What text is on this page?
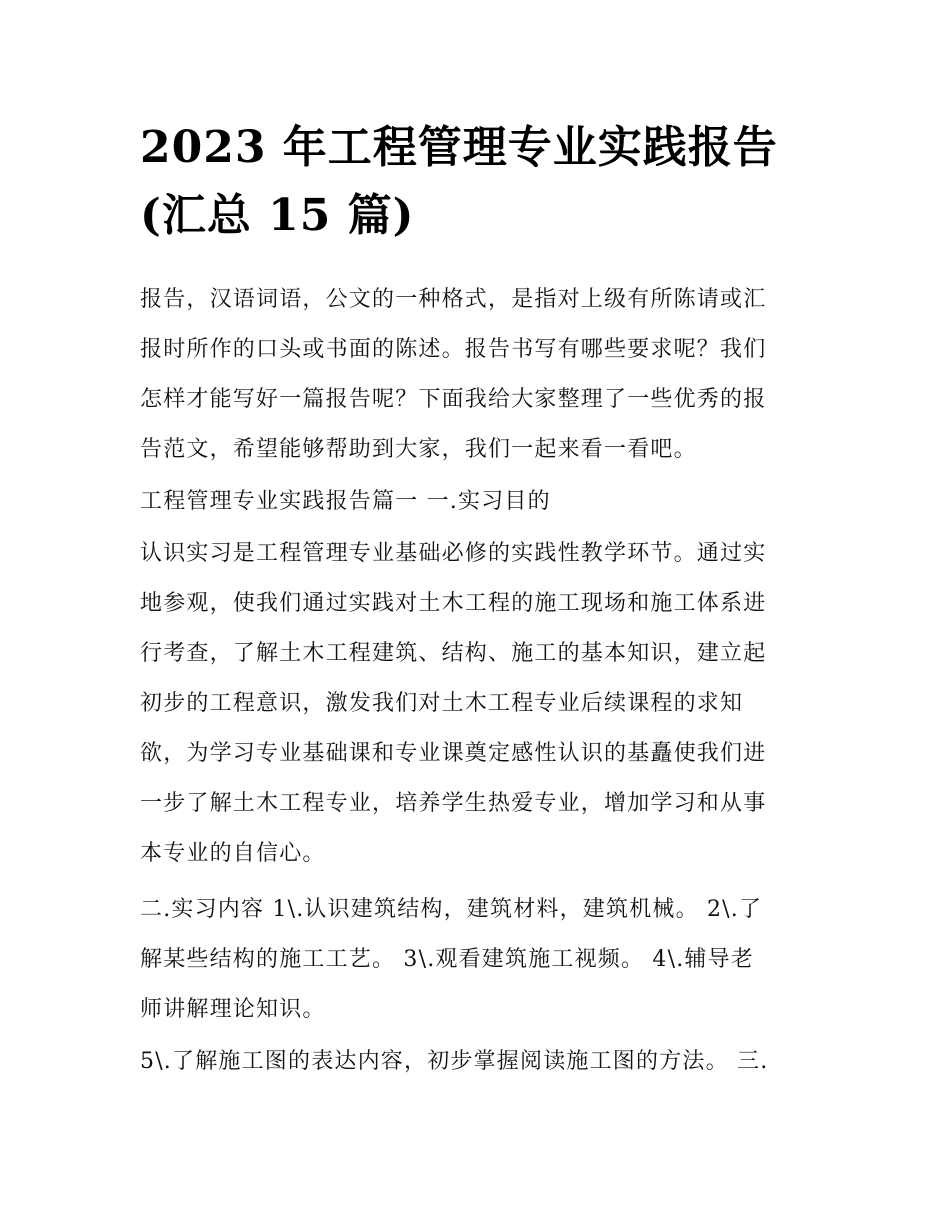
2023 年工程管理专业实践报告
(汇总 15 篇)
报告，汉语词语，公文的一种格式，是指对上级有所陈请或汇
报时所作的口头或书面的陈述。报告书写有哪些要求呢？我们
怎样才能写好一篇报告呢？下面我给大家整理了一些优秀的报
告范文，希望能够帮助到大家，我们一起来看一看吧。
工程管理专业实践报告篇一 一.实习目的
认识实习是工程管理专业基础必修的实践性教学环节。通过实
地参观，使我们通过实践对土木工程的施工现场和施工体系进
行考查，了解土木工程建筑、结构、施工的基本知识，建立起
初步的工程意识，激发我们对土木工程专业后续课程的求知
欲，为学习专业基础课和专业课奠定感性认识的基矗使我们进
一步了解土木工程专业，培养学生热爱专业，增加学习和从事
本专业的自信心。
二.实习内容 1\.认识建筑结构，建筑材料，建筑机械。 2\.了
解某些结构的施工工艺。 3\.观看建筑施工视频。 4\.辅导老
师讲解理论知识。
5\.了解施工图的表达内容，初步掌握阅读施工图的方法。 三.
